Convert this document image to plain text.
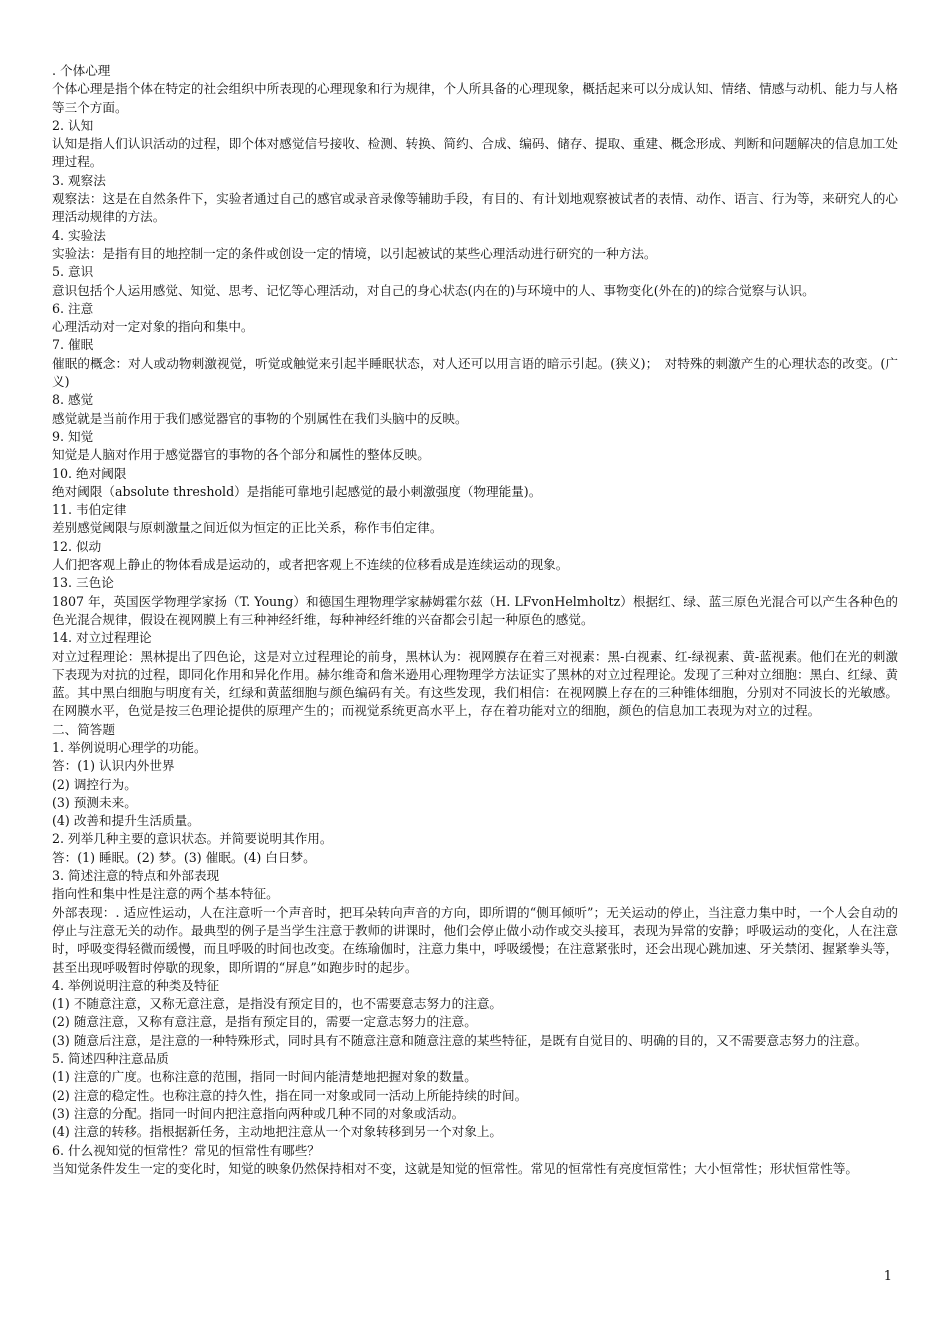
. 个体心理

个体心理是指个体在特定的社会组织中所表现的心理现象和行为规律，个人所具备的心理现象，概括起来可以分成认知、情绪、情感与动机、能力与人格等三个方面。

2. 认知

认知是指人们认识活动的过程，即个体对感觉信号接收、检测、转换、简约、合成、编码、储存、提取、重建、概念形成、判断和问题解决的信息加工处理过程。

3. 观察法

观察法：这是在自然条件下，实验者通过自己的感官或录音录像等辅助手段，有目的、有计划地观察被试者的表情、动作、语言、行为等，来研究人的心理活动规律的方法。

4. 实验法

实验法：是指有目的地控制一定的条件或创设一定的情境，以引起被试的某些心理活动进行研究的一种方法。

5. 意识

意识包括个人运用感觉、知觉、思考、记忆等心理活动，对自己的身心状态(内在的)与环境中的人、事物变化(外在的)的综合觉察与认识。

6. 注意

心理活动对一定对象的指向和集中。

7. 催眠

催眠的概念：对人或动物刺激视觉，听觉或触觉来引起半睡眠状态，对人还可以用言语的暗示引起。(狭义)；　对特殊的刺激产生的心理状态的改变。(广义)

8. 感觉

感觉就是当前作用于我们感觉器官的事物的个别属性在我们头脑中的反映。

9. 知觉

知觉是人脑对作用于感觉器官的事物的各个部分和属性的整体反映。

10. 绝对阈限

绝对阈限（absolute threshold）是指能可靠地引起感觉的最小刺激强度（物理能量)。

11. 韦伯定律

差别感觉阈限与原刺激量之间近似为恒定的正比关系，称作韦伯定律。

12. 似动

人们把客观上静止的物体看成是运动的，或者把客观上不连续的位移看成是连续运动的现象。

13. 三色论

1807 年，英国医学物理学家扬（T. Young）和德国生理物理学家赫姆霍尔兹（H. LFvonHelmholtz）根据红、绿、蓝三原色光混合可以产生各种色的色光混合规律，假设在视网膜上有三种神经纤维，每种神经纤维的兴奋都会引起一种原色的感觉。

14. 对立过程理论

对立过程理论：黑林提出了四色论，这是对立过程理论的前身，黑林认为：视网膜存在着三对视素：黑-白视素、红-绿视素、黄-蓝视素。他们在光的刺激下表现为对抗的过程，即同化作用和异化作用。赫尔维奇和詹米逊用心理物理学方法证实了黑林的对立过程理论。发现了三种对立细胞：黑白、红绿、黄蓝。其中黑白细胞与明度有关，红绿和黄蓝细胞与颜色编码有关。有这些发现，我们相信：在视网膜上存在的三种锥体细胞，分别对不同波长的光敏感。在网膜水平，色觉是按三色理论提供的原理产生的；而视觉系统更高水平上，存在着功能对立的细胞，颜色的信息加工表现为对立的过程。

二、简答题

1. 举例说明心理学的功能。

答：(1) 认识内外世界

(2) 调控行为。

(3) 预测未来。

(4) 改善和提升生活质量。

2. 列举几种主要的意识状态。并简要说明其作用。

答：(1) 睡眠。(2) 梦。(3) 催眠。(4) 白日梦。

3. 简述注意的特点和外部表现

指向性和集中性是注意的两个基本特征。

外部表现：. 适应性运动，人在注意听一个声音时，把耳朵转向声音的方向，即所谓的“侧耳倾听”；无关运动的停止，当注意力集中时，一个人会自动的停止与注意无关的动作。最典型的例子是当学生注意于教师的讲课时，他们会停止做小动作或交头接耳，表现为异常的安静；呼吸运动的变化，人在注意时，呼吸变得轻微而缓慢，而且呼吸的时间也改变。在练瑜伽时，注意力集中，呼吸缓慢；在注意紧张时，还会出现心跳加速、牙关禁闭、握紧拳头等，甚至出现呼吸暂时停歇的现象，即所谓的“屏息”如跑步时的起步。

4. 举例说明注意的种类及特征

(1) 不随意注意，又称无意注意，是指没有预定目的，也不需要意志努力的注意。

(2) 随意注意，又称有意注意，是指有预定目的，需要一定意志努力的注意。

(3) 随意后注意，是注意的一种特殊形式，同时具有不随意注意和随意注意的某些特征，是既有自觉目的、明确的目的，又不需要意志努力的注意。

5. 简述四种注意品质

(1) 注意的广度。也称注意的范围，指同一时间内能清楚地把握对象的数量。

(2) 注意的稳定性。也称注意的持久性，指在同一对象或同一活动上所能持续的时间。

(3) 注意的分配。指同一时间内把注意指向两种或几种不同的对象或活动。

(4) 注意的转移。指根据新任务，主动地把注意从一个对象转移到另一个对象上。

6. 什么视知觉的恒常性？常见的恒常性有哪些？

当知觉条件发生一定的变化时，知觉的映象仍然保持相对不变，这就是知觉的恒常性。常见的恒常性有亮度恒常性；大小恒常性；形状恒常性等。

1
